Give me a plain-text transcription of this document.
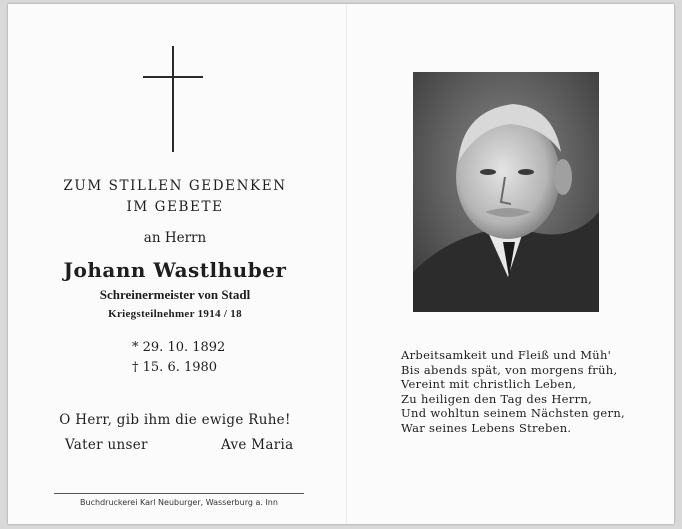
ZUM STILLEN GEDENKEN
IM GEBETE
an Herrn
Johann Wastlhuber
Schreinermeister von Stadl
Kriegsteilnehmer 1914 / 18
* 29. 10. 1892
† 15. 6. 1980
O Herr, gib ihm die ewige Ruhe!
Vater unser	Ave Maria
Buchdruckerei Karl Neuburger, Wasserburg a. Inn
Arbeitsamkeit und Fleiß und Müh'
Bis abends spät, von morgens früh,
Vereint mit christlich Leben,
Zu heiligen den Tag des Herrn,
Und wohltun seinem Nächsten gern,
War seines Lebens Streben.
